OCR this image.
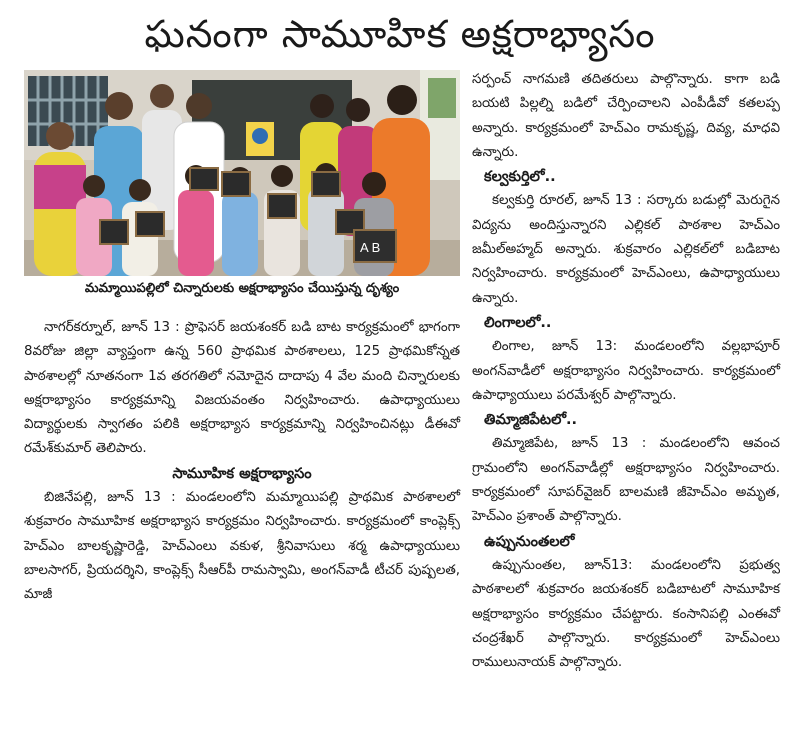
ఘనంగా సామూహిక అక్షరాభ్యాసం
A B
మమ్మాయిపల్లిలో చిన్నారులకు అక్షరాభ్యాసం చేయిస్తున్న దృశ్యం

నాగర్‌కర్నూల్, జూన్ 13 : ప్రొఫెసర్ జయశంకర్ బడి బాట కార్యక్రమంలో భాగంగా 8వరోజు జిల్లా వ్యాప్తంగా ఉన్న 560 ప్రాథమిక పాఠశాలలు, 125 ప్రాథమికోన్నత పాఠశాలల్లో నూతనంగా 1వ తరగతిలో నమోదైన దాదాపు 4 వేల మంది చిన్నారులకు అక్షరాభ్యాసం కార్యక్రమాన్ని విజయవంతం నిర్వహించారు. ఉపాధ్యాయులు విద్యార్థులకు స్వాగతం పలికి అక్షరాభ్యాస కార్యక్రమాన్ని నిర్వహించినట్లు డీఈవో రమేశ్‌కుమార్ తెలిపారు.

సామూహిక అక్షరాభ్యాసం

బిజినేపల్లి, జూన్ 13 : మండలంలోని మమ్మాయిపల్లి ప్రాథమిక పాఠశాలలో శుక్రవారం సామూహిక అక్షరాభ్యాస కార్యక్రమం నిర్వహించారు. కార్యక్రమంలో కాంప్లెక్స్ హెచ్‌ఎం బాలకృష్ణారెడ్డి, హెచ్‌ఎంలు వకుళ, శ్రీనివాసులు శర్మ ఉపాధ్యాయులు బాలసాగర్, ప్రియదర్శిని, కాంప్లెక్స్ సీఆర్‌పీ రామస్వామి, అంగన్‌వాడీ టీచర్ పుష్పలత, మాజీ

సర్పంచ్ నాగమణి తదితరులు పాల్గొన్నారు. కాగా బడి బయటి పిల్లల్ని బడిలో చేర్పించాలని ఎంపీడీవో కతలప్ప అన్నారు. కార్యక్రమంలో హెచ్‌ఎం రామకృష్ణ, దివ్య, మాధవి ఉన్నారు.

కల్వకుర్తిలో..

కల్వకుర్తి రూరల్, జూన్ 13 : సర్కారు బడుల్లో మెరుగైన విద్యను అందిస్తున్నారని ఎల్లికల్ పాఠశాల హెచ్‌ఎం జమీల్‌అహ్మద్ అన్నారు. శుక్రవారం ఎల్లికల్‌లో బడిబాట నిర్వహించారు. కార్యక్రమంలో హెచ్‌ఎంలు, ఉపాధ్యాయులు ఉన్నారు.

లింగాలలో..

లింగాల, జూన్ 13: మండలంలోని వల్లభాపూర్ అంగన్‌వాడీలో అక్షరాభ్యాసం నిర్వహించారు. కార్యక్రమంలో ఉపాధ్యాయులు పరమేశ్వర్ పాల్గొన్నారు.

తిమ్మాజిపేటలో..

తిమ్మాజిపేట, జూన్ 13 : మండలంలోని ఆవంచ గ్రామంలోని అంగన్‌వాడీల్లో అక్షరాభ్యాసం నిర్వహించారు. కార్యక్రమంలో సూపర్‌వైజర్ బాలమణి జీహెచ్‌ఎం అమృత, హెచ్‌ఎం ప్రశాంత్ పాల్గొన్నారు.

ఉప్పునుంతలలో

ఉప్పునుంతల, జూన్13: మండలంలోని ప్రభుత్వ పాఠశాలలో శుక్రవారం జయశంకర్ బడిబాటలో సామూహిక అక్షరాభ్యాసం కార్యక్రమం చేపట్టారు. కంసానిపల్లి ఎంఈవో చంద్రశేఖర్ పాల్గొన్నారు. కార్యక్రమంలో హెచ్‌ఎంలు రాములునాయక్ పాల్గొన్నారు.
